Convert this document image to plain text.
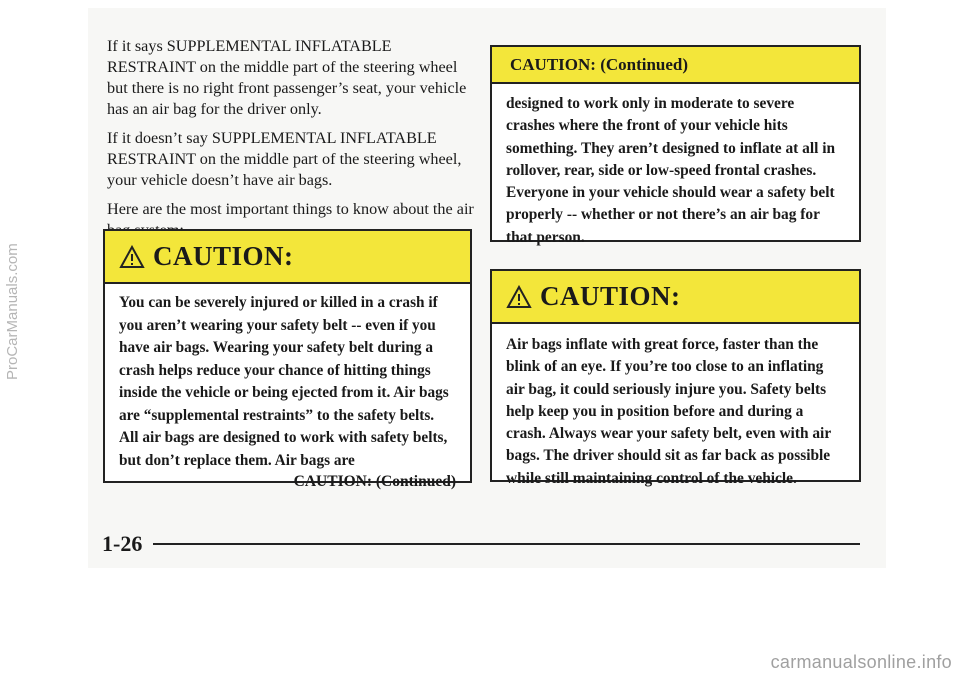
If it says SUPPLEMENTAL INFLATABLE RESTRAINT on the middle part of the steering wheel but there is no right front passenger’s seat, your vehicle has an air bag for the driver only.

If it doesn’t say SUPPLEMENTAL INFLATABLE RESTRAINT on the middle part of the steering wheel, your vehicle doesn’t have air bags.

Here are the most important things to know about the air

CAUTION:
You can be severely injured or killed in a crash if you aren’t wearing your safety belt -- even if you have air bags. Wearing your safety belt during a crash helps reduce your chance of hitting things inside the vehicle or being ejected from it. Air bags are “supplemental restraints” to the safety belts. All air bags are designed to work with safety belts, but don’t replace them. Air bags are
CAUTION: (Continued)
CAUTION: (Continued)
designed to work only in moderate to severe crashes where the front of your vehicle hits something. They aren’t designed to inflate at all in rollover, rear, side or low-speed frontal crashes. Everyone in your vehicle should wear a safety belt properly -- whether or not there’s an air bag for that person.
CAUTION:
Air bags inflate with great force, faster than the blink of an eye. If you’re too close to an inflating air bag, it could seriously injure you. Safety belts help keep you in position before and during a crash. Always wear your safety belt, even with air bags. The driver should sit as far back as possible while still maintaining control of the vehicle.
1-26
ProCarManuals.com
carmanualsonline.info
